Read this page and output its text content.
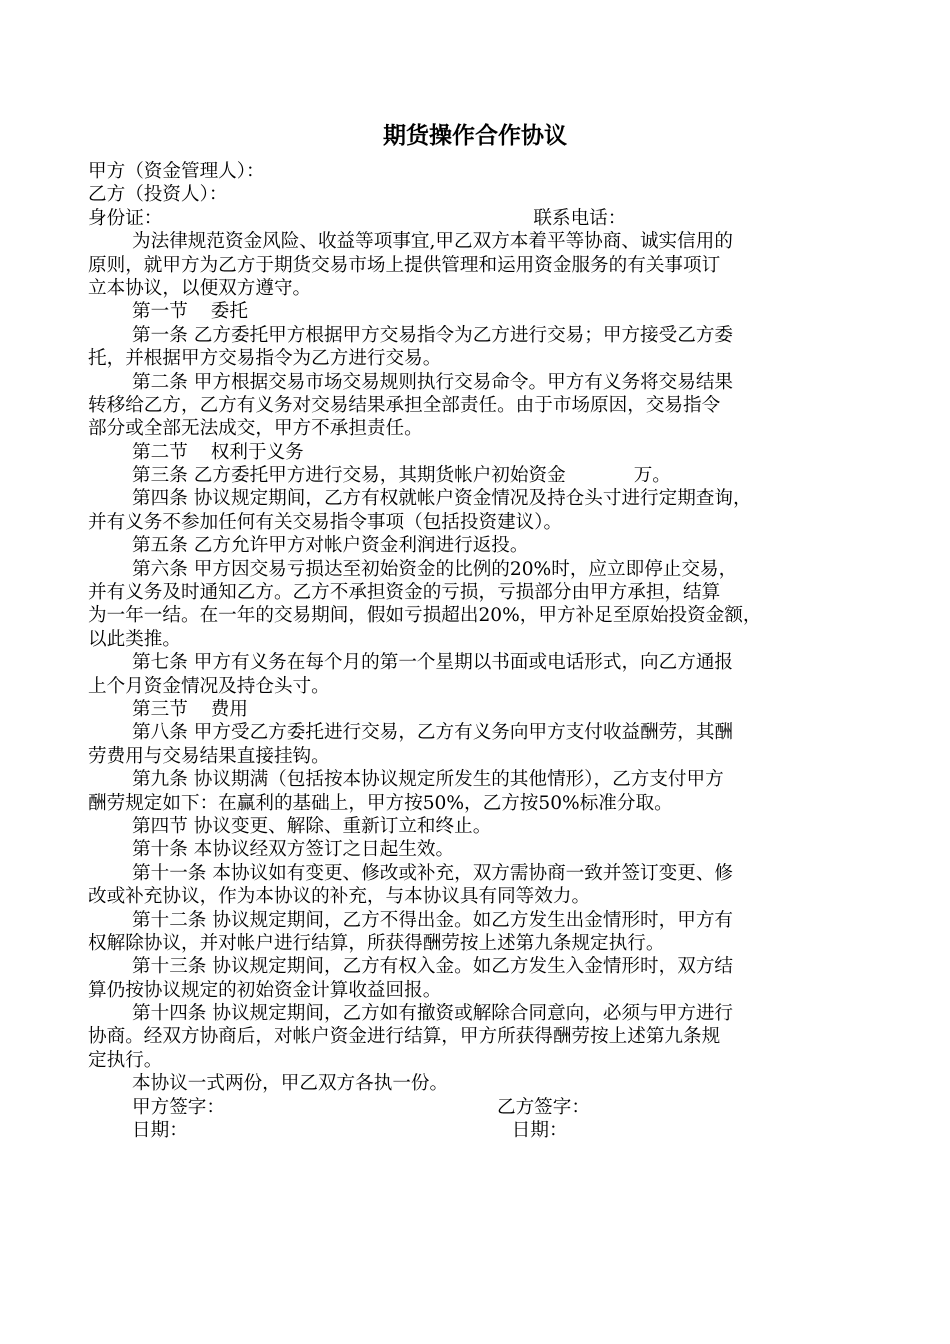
期货操作合作协议
甲方（资金管理人）：
乙方（投资人）：
身份证：	联系电话：
为法律规范资金风险、收益等项事宜,甲乙双方本着平等协商、诚实信用的
原则，就甲方为乙方于期货交易市场上提供管理和运用资金服务的有关事项订
立本协议，以便双方遵守。
第一节 委托
第一条 乙方委托甲方根据甲方交易指令为乙方进行交易；甲方接受乙方委
托，并根据甲方交易指令为乙方进行交易。
第二条 甲方根据交易市场交易规则执行交易命令。甲方有义务将交易结果
转移给乙方，乙方有义务对交易结果承担全部责任。由于市场原因，交易指令
部分或全部无法成交，甲方不承担责任。
第二节 权利于义务
第三条 乙方委托甲方进行交易，其期货帐户初始资金	万。
第四条 协议规定期间，乙方有权就帐户资金情况及持仓头寸进行定期查询，
并有义务不参加任何有关交易指令事项（包括投资建议）。
第五条 乙方允许甲方对帐户资金利润进行返投。
第六条 甲方因交易亏损达至初始资金的比例的20%时，应立即停止交易，
并有义务及时通知乙方。乙方不承担资金的亏损，亏损部分由甲方承担，结算
为一年一结。在一年的交易期间，假如亏损超出20%，甲方补足至原始投资金额，
以此类推。
第七条 甲方有义务在每个月的第一个星期以书面或电话形式，向乙方通报
上个月资金情况及持仓头寸。
第三节 费用
第八条 甲方受乙方委托进行交易，乙方有义务向甲方支付收益酬劳，其酬
劳费用与交易结果直接挂钩。
第九条 协议期满（包括按本协议规定所发生的其他情形），乙方支付甲方
酬劳规定如下：在赢利的基础上，甲方按50%，乙方按50%标准分取。
第四节 协议变更、解除、重新订立和终止。
第十条 本协议经双方签订之日起生效。
第十一条 本协议如有变更、修改或补充，双方需协商一致并签订变更、修
改或补充协议，作为本协议的补充，与本协议具有同等效力。
第十二条 协议规定期间，乙方不得出金。如乙方发生出金情形时，甲方有
权解除协议，并对帐户进行结算，所获得酬劳按上述第九条规定执行。
第十三条 协议规定期间，乙方有权入金。如乙方发生入金情形时，双方结
算仍按协议规定的初始资金计算收益回报。
第十四条 协议规定期间，乙方如有撤资或解除合同意向，必须与甲方进行
协商。经双方协商后，对帐户资金进行结算，甲方所获得酬劳按上述第九条规
定执行。
本协议一式两份，甲乙双方各执一份。
甲方签字：	乙方签字：
日期：	日期：
